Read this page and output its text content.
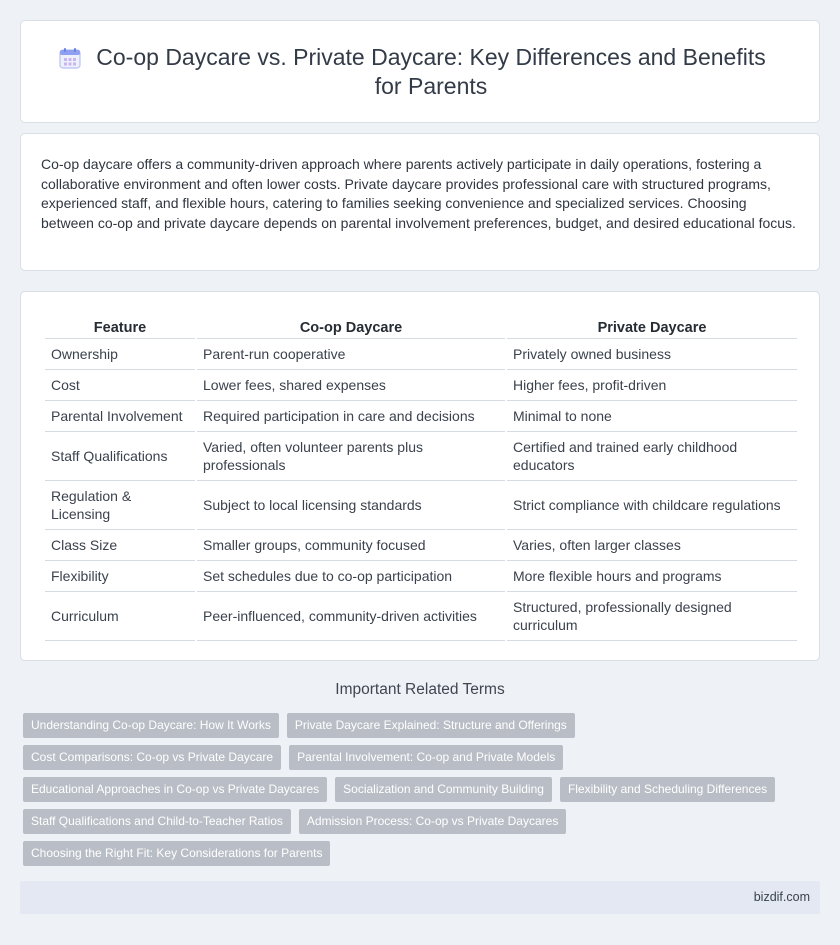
Co-op Daycare vs. Private Daycare: Key Differences and Benefits for Parents

Co-op daycare offers a community-driven approach where parents actively participate in daily operations, fostering a collaborative environment and often lower costs. Private daycare provides professional care with structured programs, experienced staff, and flexible hours, catering to families seeking convenience and specialized services. Choosing between co-op and private daycare depends on parental involvement preferences, budget, and desired educational focus.

Feature	Co-op Daycare	Private Daycare
Ownership	Parent-run cooperative	Privately owned business
Cost	Lower fees, shared expenses	Higher fees, profit-driven
Parental Involvement	Required participation in care and decisions	Minimal to none
Staff Qualifications	Varied, often volunteer parents plus professionals	Certified and trained early childhood educators
Regulation & Licensing	Subject to local licensing standards	Strict compliance with childcare regulations
Class Size	Smaller groups, community focused	Varies, often larger classes
Flexibility	Set schedules due to co-op participation	More flexible hours and programs
Curriculum	Peer-influenced, community-driven activities	Structured, professionally designed curriculum
Important Related Terms
Understanding Co-op Daycare: How It Works	Private Daycare Explained: Structure and Offerings
Cost Comparisons: Co-op vs Private Daycare	Parental Involvement: Co-op and Private Models
Educational Approaches in Co-op vs Private Daycares	Socialization and Community Building	Flexibility and Scheduling Differences
Staff Qualifications and Child-to-Teacher Ratios	Admission Process: Co-op vs Private Daycares
Choosing the Right Fit: Key Considerations for Parents
bizdif.com
